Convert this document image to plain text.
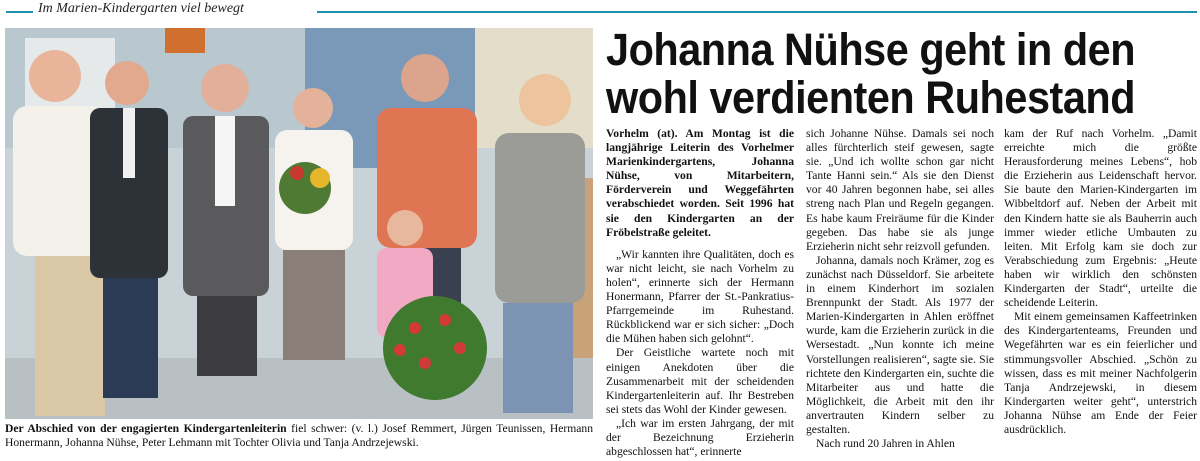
Im Marien-Kindergarten viel bewegt
Der Abschied von der engagierten Kindergartenleiterin fiel schwer: (v. l.) Josef Remmert, Jürgen Teunissen, Hermann Honermann, Johanna Nühse, Peter Lehmann mit Tochter Olivia und Tanja Andrzejewski.
Johanna Nühse geht in den
wohl verdienten Ruhestand

Vorhelm (at). Am Montag ist die langjährige Leiterin des Vorhelmer Marienkindergartens, Johanna Nühse, von Mitarbeitern, Förderverein und Weggefährten verabschiedet worden. Seit 1996 hat sie den Kindergarten an der Fröbelstraße geleitet.

„Wir kannten ihre Qualitäten, doch es war nicht leicht, sie nach Vorhelm zu holen“, erinnerte sich der Hermann Honermann, Pfarrer der St.-Pankratius-Pfarrgemeinde im Ruhestand. Rückblickend war er sich sicher: „Doch die Mühen haben sich gelohnt“.

Der Geistliche wartete noch mit einigen Anekdoten über die Zusammenarbeit mit der scheidenden Kindergartenleiterin auf. Ihr Bestreben sei stets das Wohl der Kinder gewesen.

„Ich war im ersten Jahrgang, der mit der Bezeichnung Erzieherin abgeschlossen hat“, erinnerte

sich Johanne Nühse. Damals sei noch alles fürchterlich steif gewesen, sagte sie. „Und ich wollte schon gar nicht Tante Hanni sein.“ Als sie den Dienst vor 40 Jahren begonnen habe, sei alles streng nach Plan und Regeln gegangen. Es habe kaum Freiräume für die Kinder gegeben. Das habe sie als junge Erzieherin nicht sehr reizvoll gefunden.

Johanna, damals noch Krämer, zog es zunächst nach Düsseldorf. Sie arbeitete in einem Kinderhort im sozialen Brennpunkt der Stadt. Als 1977 der Marien-Kindergarten in Ahlen eröffnet wurde, kam die Erzieherin zurück in die Wersestadt. „Nun konnte ich meine Vorstellungen realisieren“, sagte sie. Sie richtete den Kindergarten ein, suchte die Mitarbeiter aus und hatte die Möglichkeit, die Arbeit mit den ihr anvertrauten Kindern selber zu gestalten.

Nach rund 20 Jahren in Ahlen

kam der Ruf nach Vorhelm. „Damit erreichte mich die größte Herausforderung meines Lebens“, hob die Erzieherin aus Leidenschaft hervor. Sie baute den Marien-Kindergarten im Wibbeltdorf auf. Neben der Arbeit mit den Kindern hatte sie als Bauherrin auch immer wieder etliche Umbauten zu leiten. Mit Erfolg kam sie doch zur Verabschiedung zum Ergebnis: „Heute haben wir wirklich den schönsten Kindergarten der Stadt“, urteilte die scheidende Leiterin.

Mit einem gemeinsamen Kaffeetrinken des Kindergartenteams, Freunden und Wegefährten war es ein feierlicher und stimmungsvoller Abschied. „Schön zu wissen, dass es mit meiner Nachfolgerin Tanja Andrzejewski, in diesem Kindergarten weiter geht“, unterstrich Johanna Nühse am Ende der Feier ausdrücklich.
